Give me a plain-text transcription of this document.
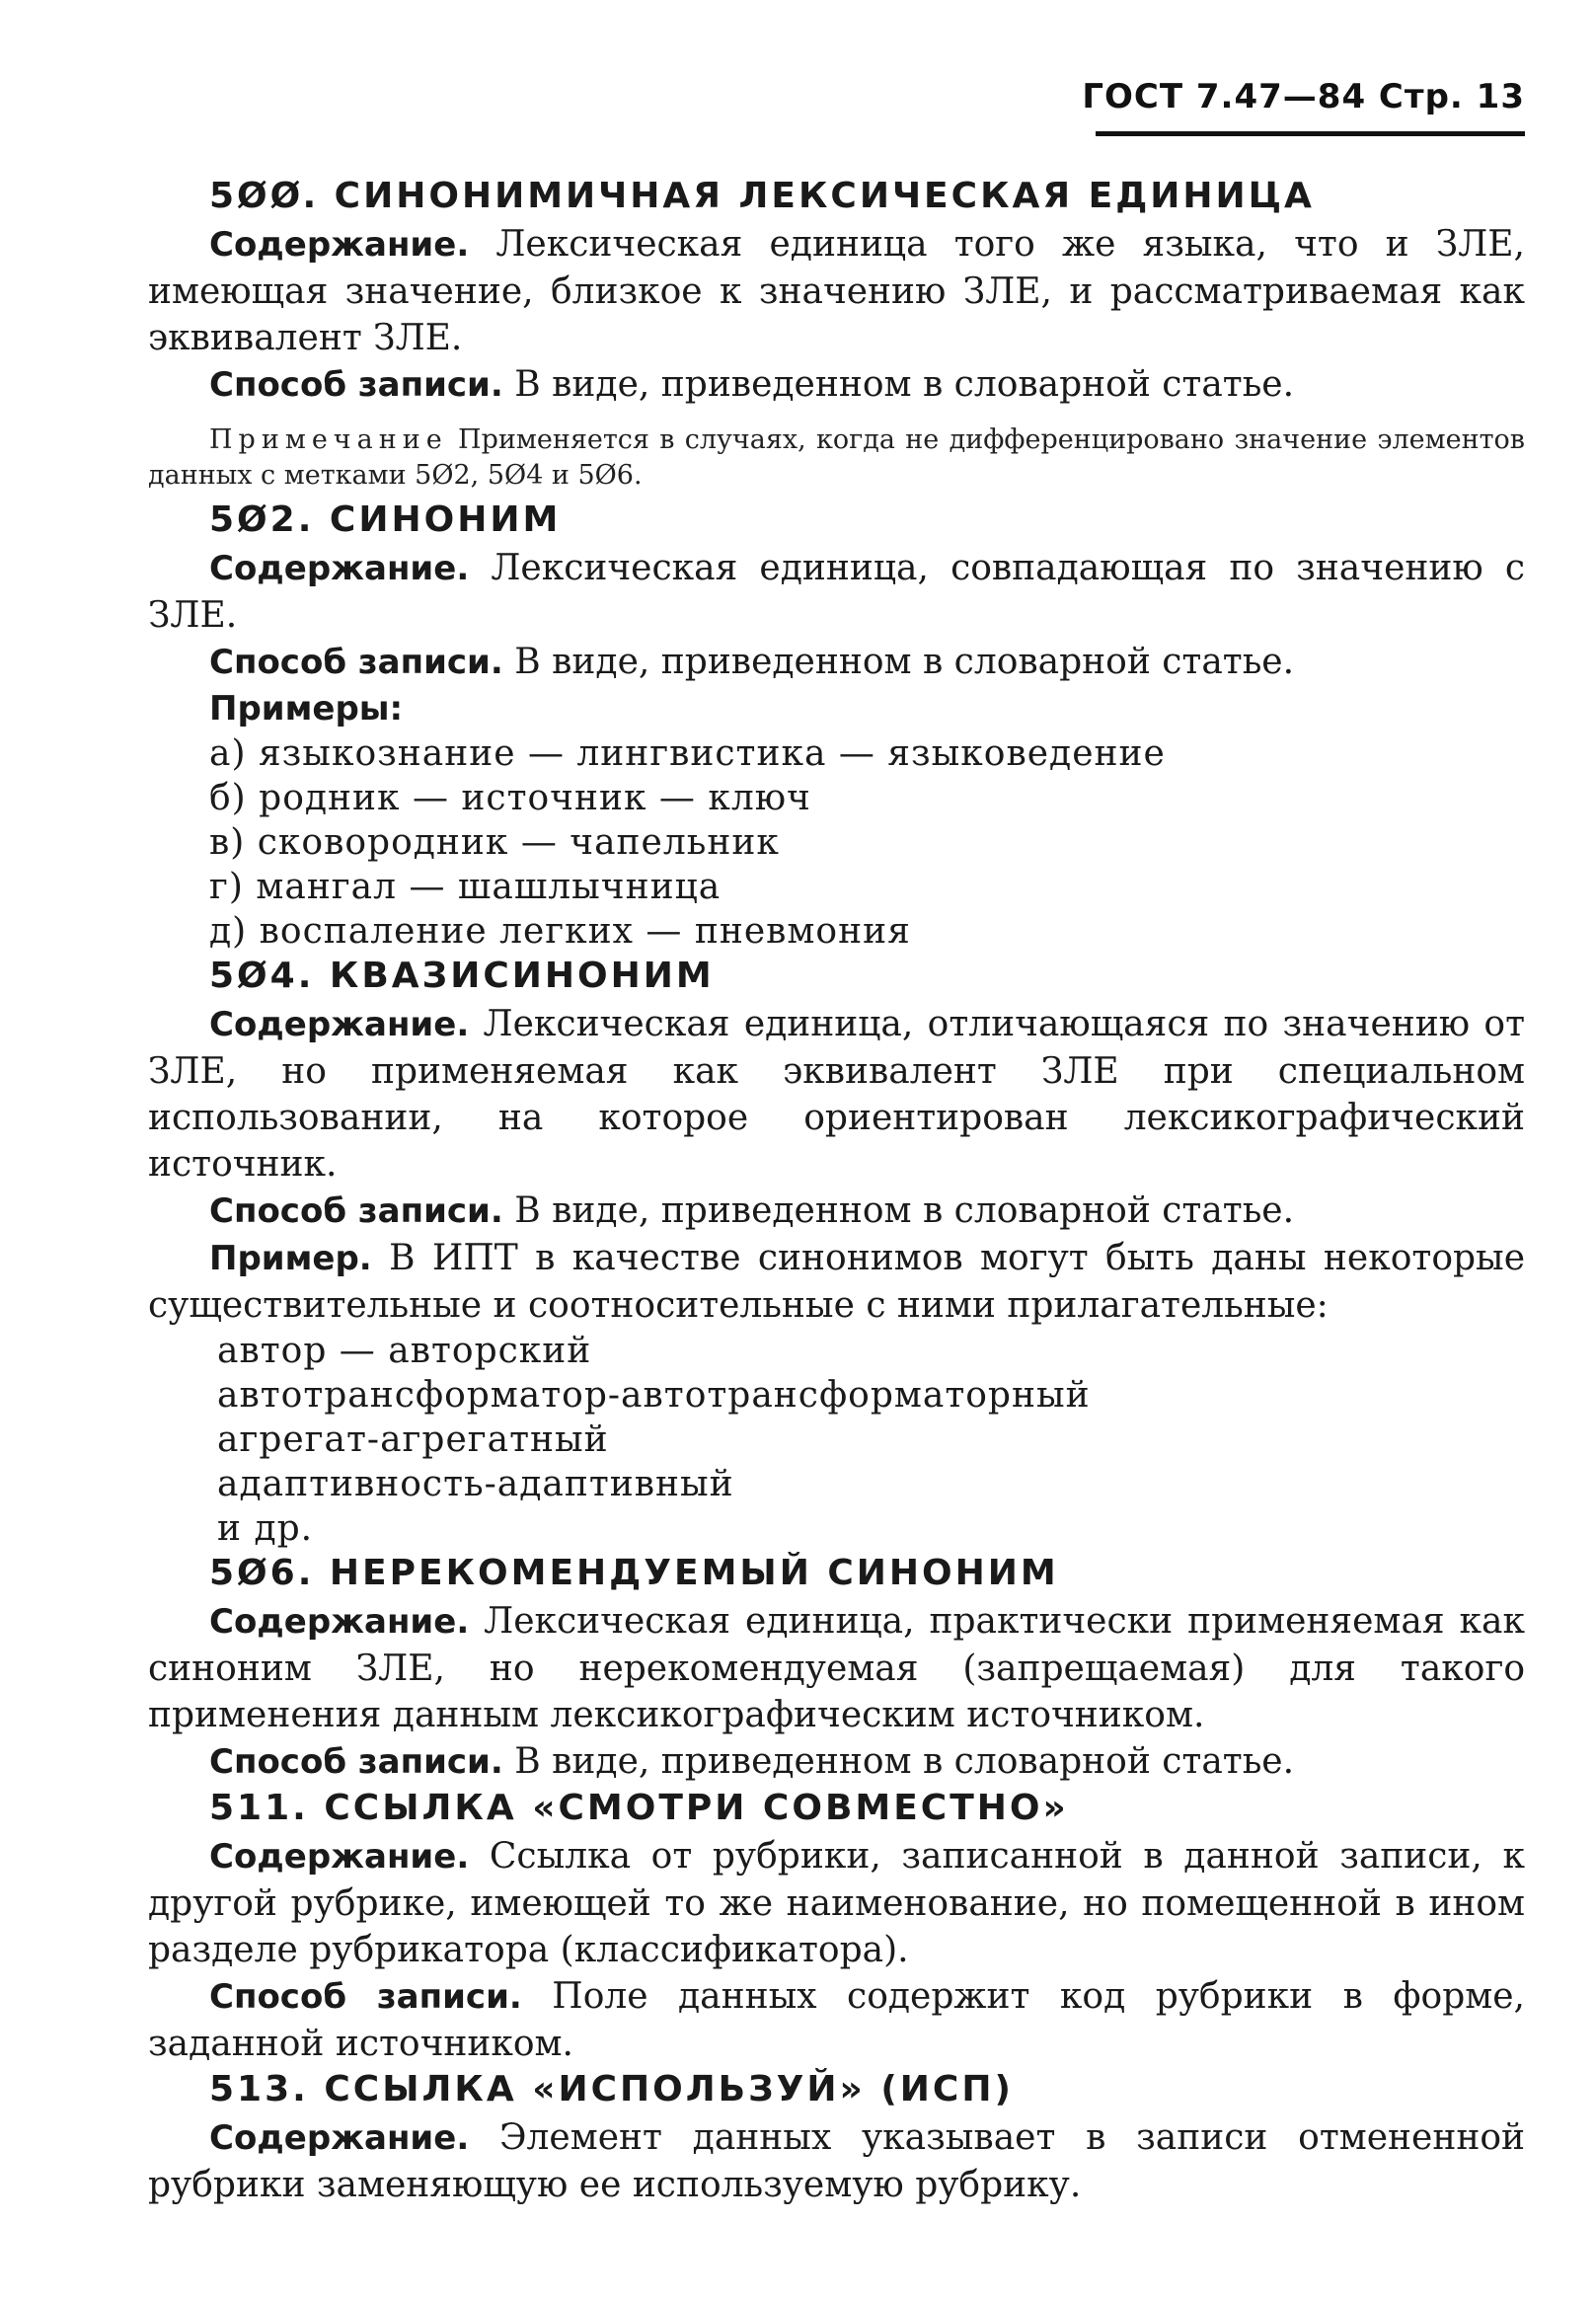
ГОСТ 7.47—84 Стр. 13
5ØØ. СИНОНИМИЧНАЯ ЛЕКСИЧЕСКАЯ ЕДИНИЦА

Содержание. Лексическая единица того же языка, что и ЗЛЕ, имеющая значение, близкое к значению ЗЛЕ, и рассматриваемая как эквивалент ЗЛЕ.

Способ записи. В виде, приведенном в словарной статье.

Примечание Применяется в случаях, когда не дифференцировано значение элементов данных с метками 5Ø2, 5Ø4 и 5Ø6.

5Ø2. СИНОНИМ

Содержание. Лексическая единица, совпадающая по значению с ЗЛЕ.

Способ записи. В виде, приведенном в словарной статье.

Примеры:
а) языкознание — лингвистика — языковедение
б) родник — источник — ключ
в) сковородник — чапельник
г) мангал — шашлычница
д) воспаление легких — пневмония
5Ø4. КВАЗИСИНОНИМ

Содержание. Лексическая единица, отличающаяся по значению от ЗЛЕ, но применяемая как эквивалент ЗЛЕ при специальном использовании, на которое ориентирован лексикографический источник.

Способ записи. В виде, приведенном в словарной статье.

Пример. В ИПТ в качестве синонимов могут быть даны некоторые существительные и соотносительные с ними прилагательные:

автор — авторский
автотрансформатор-автотрансформаторный
агрегат-агрегатный
адаптивность-адаптивный
и др.
5Ø6. НЕРЕКОМЕНДУЕМЫЙ СИНОНИМ

Содержание. Лексическая единица, практически применяемая как синоним ЗЛЕ, но нерекомендуемая (запрещаемая) для такого применения данным лексикографическим источником.

Способ записи. В виде, приведенном в словарной статье.

511. ССЫЛКА «СМОТРИ СОВМЕСТНО»

Содержание. Ссылка от рубрики, записанной в данной записи, к другой рубрике, имеющей то же наименование, но помещенной в ином разделе рубрикатора (классификатора).

Способ записи. Поле данных содержит код рубрики в форме, заданной источником.

513. ССЫЛКА «ИСПОЛЬЗУЙ» (ИСП)

Содержание. Элемент данных указывает в записи отмененной рубрики заменяющую ее используемую рубрику.
